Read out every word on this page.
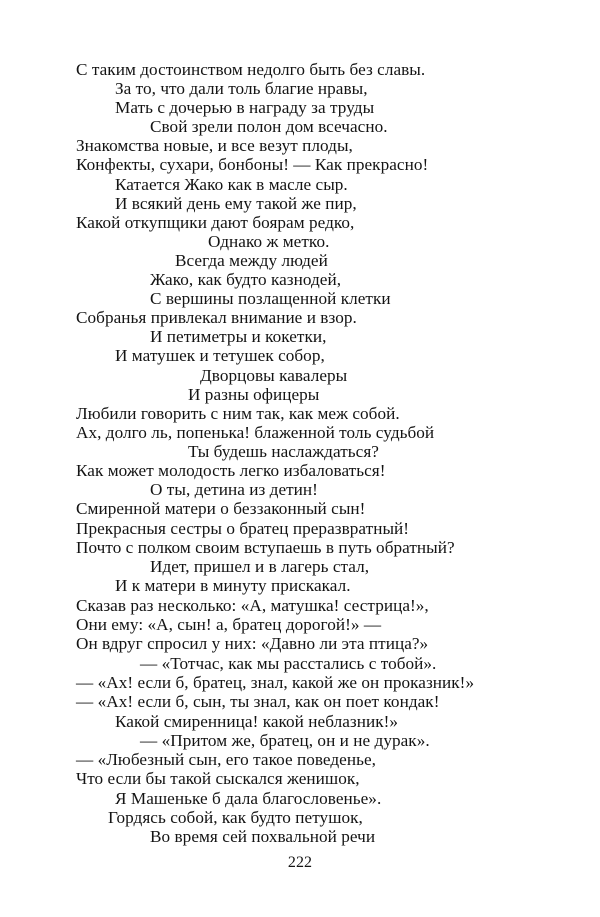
С таким достоинством недолго быть без славы.
За то, что дали толь благие нравы,
Мать с дочерью в награду за труды
Свой зрели полон дом всечасно.
Знакомства новые, и все везут плоды,
Конфекты, сухари, бонбоны! — Как прекрасно!
Катается Жако как в масле сыр.
И всякий день ему такой же пир,
Какой откупщики дают боярам редко,
Однако ж метко.
Всегда между людей
Жако, как будто казнодей,
С вершины позлащенной клетки
Собранья привлекал внимание и взор.
И петиметры и кокетки,
И матушек и тетушек собор,
Дворцовы кавалеры
И разны офицеры
Любили говорить с ним так, как меж собой.
Ах, долго ль, попенька! блаженной толь судьбой
Ты будешь наслаждаться?
Как может молодость легко избаловаться!
О ты, детина из детин!
Смиренной матери о беззаконный сын!
Прекрасныя сестры о братец преразвратный!
Почто с полком своим вступаешь в путь обратный?
Идет, пришел и в лагерь стал,
И к матери в минуту прискакал.
Сказав раз несколько: «А, матушка! сестрица!»,
Они ему: «А, сын! а, братец дорогой!» —
Он вдруг спросил у них: «Давно ли эта птица?»
— «Тотчас, как мы расстались с тобой».
— «Ах! если б, братец, знал, какой же он проказник!»
— «Ах! если б, сын, ты знал, как он поет кондак!
Какой смиренница! какой неблазник!»
— «Притом же, братец, он и не дурак».
— «Любезный сын, его такое поведенье,
Что если бы такой сыскался женишок,
Я Машеньке б дала благословенье».
Гордясь собой, как будто петушок,
Во время сей похвальной речи
222
